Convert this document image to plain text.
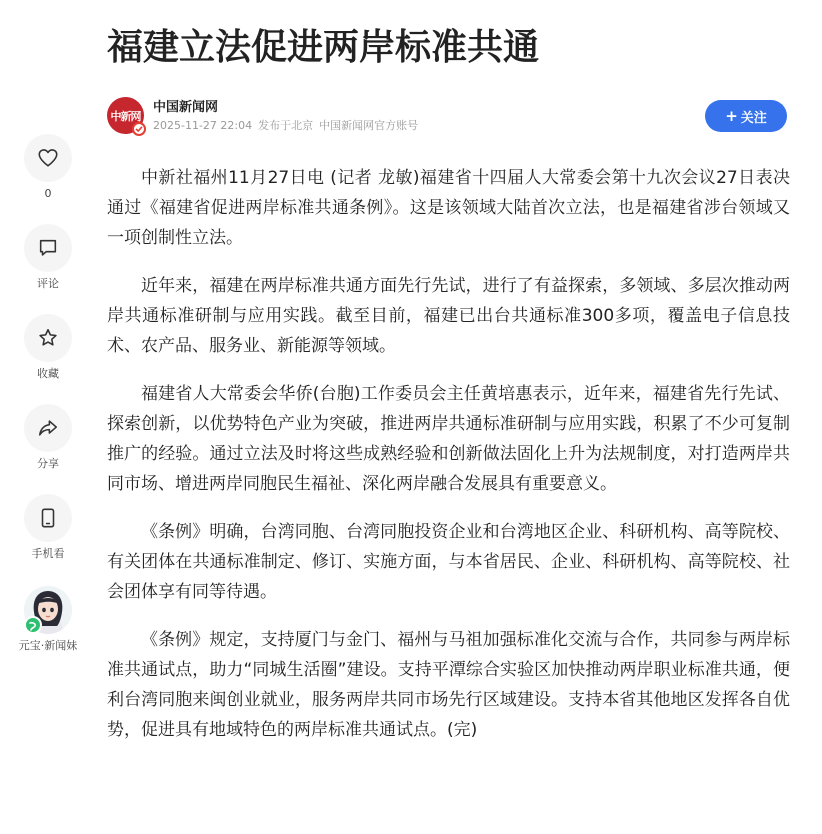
福建立法促进两岸标准共通
中新网
中国新闻网
2025-11-27 22:04 发布于北京 中国新闻网官方账号
+ 关注
0
评论
收藏
分享
手机看
元宝·新闻妹

中新社福州11月27日电 (记者 龙敏)福建省十四届人大常委会第十九次会议27日表决通过《福建省促进两岸标准共通条例》。这是该领域大陆首次立法，也是福建省涉台领域又一项创制性立法。

近年来，福建在两岸标准共通方面先行先试，进行了有益探索，多领域、多层次推动两岸共通标准研制与应用实践。截至目前，福建已出台共通标准300多项，覆盖电子信息技术、农产品、服务业、新能源等领域。

福建省人大常委会华侨(台胞)工作委员会主任黄培惠表示，近年来，福建省先行先试、探索创新，以优势特色产业为突破，推进两岸共通标准研制与应用实践，积累了不少可复制推广的经验。通过立法及时将这些成熟经验和创新做法固化上升为法规制度，对打造两岸共同市场、增进两岸同胞民生福祉、深化两岸融合发展具有重要意义。

《条例》明确，台湾同胞、台湾同胞投资企业和台湾地区企业、科研机构、高等院校、有关团体在共通标准制定、修订、实施方面，与本省居民、企业、科研机构、高等院校、社会团体享有同等待遇。

《条例》规定，支持厦门与金门、福州与马祖加强标准化交流与合作，共同参与两岸标准共通试点，助力“同城生活圈”建设。支持平潭综合实验区加快推动两岸职业标准共通，便利台湾同胞来闽创业就业，服务两岸共同市场先行区域建设。支持本省其他地区发挥各自优势，促进具有地域特色的两岸标准共通试点。(完)
